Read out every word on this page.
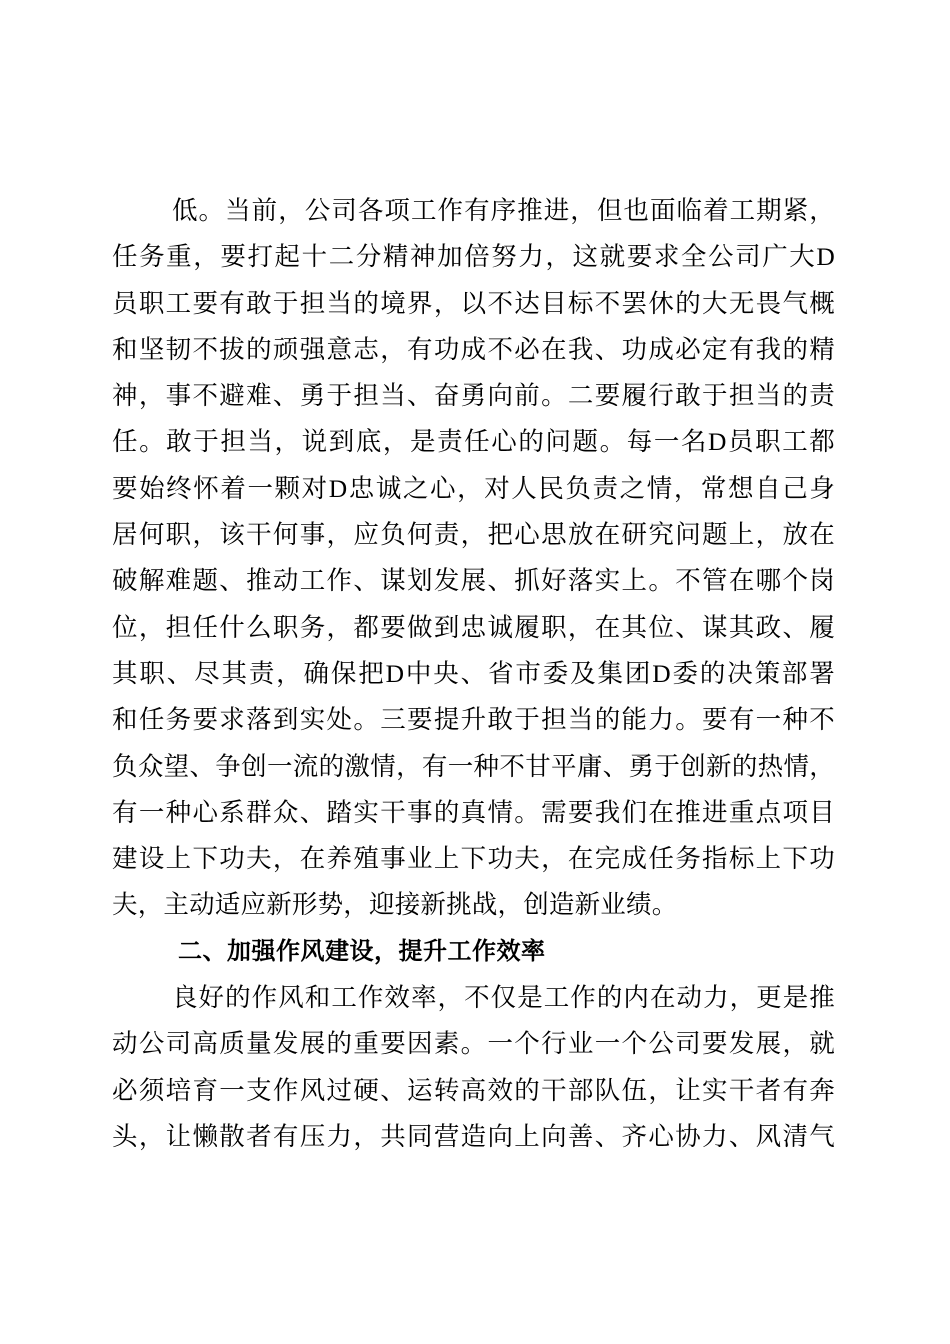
低。当前，公司各项工作有序推进，但也面临着工期紧，
任务重，要打起十二分精神加倍努力，这就要求全公司广大D
员职工要有敢于担当的境界，以不达目标不罢休的大无畏气概
和坚韧不拔的顽强意志，有功成不必在我、功成必定有我的精
神，事不避难、勇于担当、奋勇向前。二要履行敢于担当的责
任。敢于担当，说到底，是责任心的问题。每一名D员职工都
要始终怀着一颗对D忠诚之心，对人民负责之情，常想自己身
居何职，该干何事，应负何责，把心思放在研究问题上，放在
破解难题、推动工作、谋划发展、抓好落实上。不管在哪个岗
位，担任什么职务，都要做到忠诚履职，在其位、谋其政、履
其职、尽其责，确保把D中央、省市委及集团D委的决策部署
和任务要求落到实处。三要提升敢于担当的能力。要有一种不
负众望、争创一流的激情，有一种不甘平庸、勇于创新的热情，
有一种心系群众、踏实干事的真情。需要我们在推进重点项目
建设上下功夫，在养殖事业上下功夫，在完成任务指标上下功
夫，主动适应新形势，迎接新挑战，创造新业绩。
二、加强作风建设，提升工作效率
良好的作风和工作效率，不仅是工作的内在动力，更是推
动公司高质量发展的重要因素。一个行业一个公司要发展，就
必须培育一支作风过硬、运转高效的干部队伍，让实干者有奔
头，让懒散者有压力，共同营造向上向善、齐心协力、风清气
